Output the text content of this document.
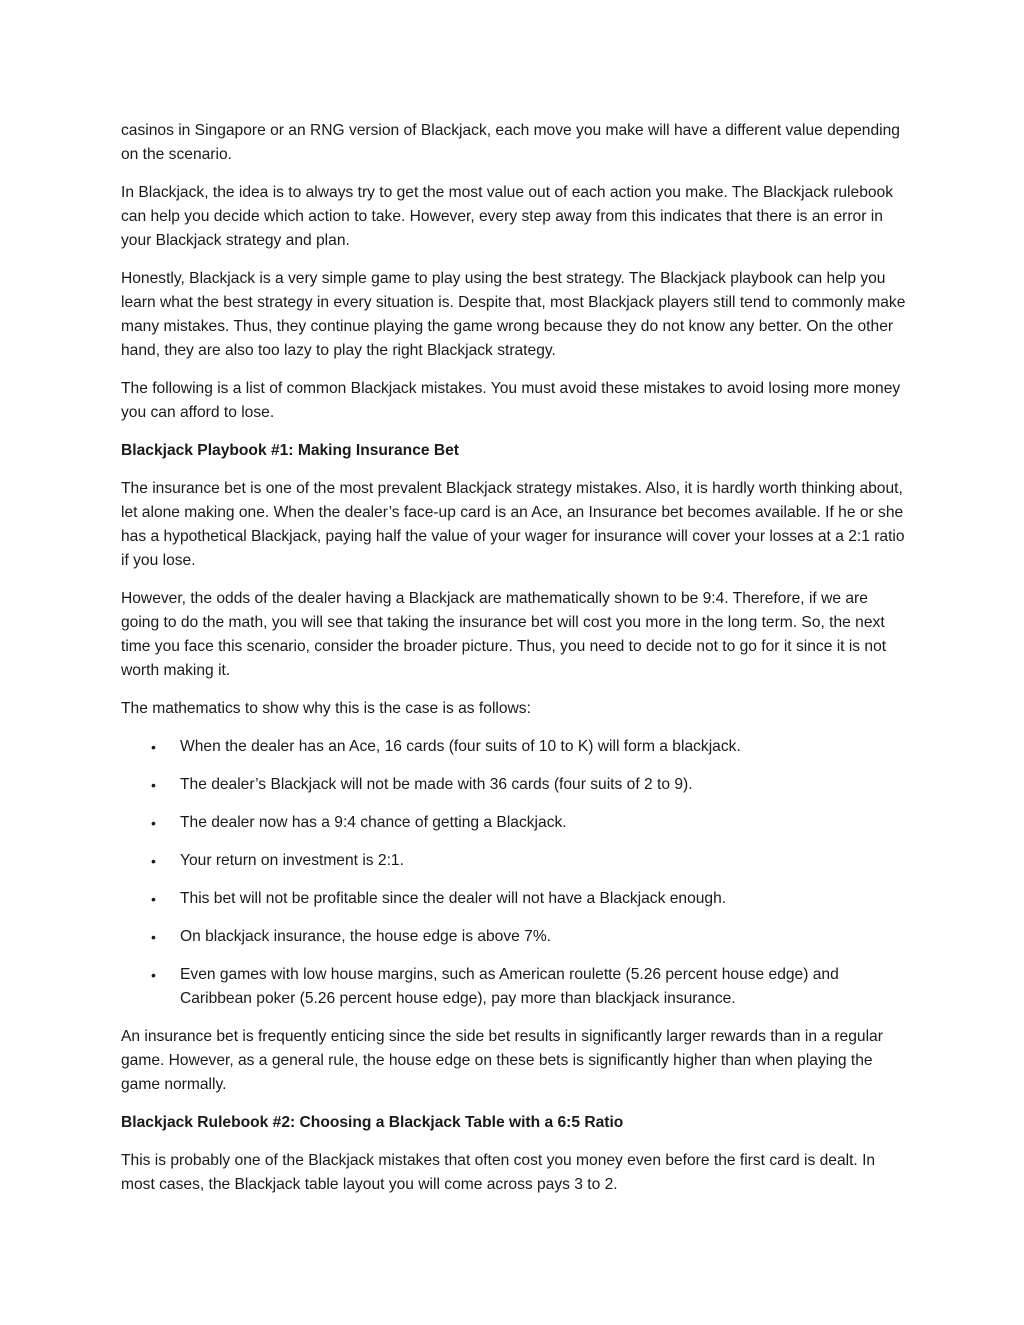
casinos in Singapore or an RNG version of Blackjack, each move you make will have a different value depending on the scenario.

In Blackjack, the idea is to always try to get the most value out of each action you make. The Blackjack rulebook can help you decide which action to take. However, every step away from this indicates that there is an error in your Blackjack strategy and plan.

Honestly, Blackjack is a very simple game to play using the best strategy. The Blackjack playbook can help you learn what the best strategy in every situation is. Despite that, most Blackjack players still tend to commonly make many mistakes. Thus, they continue playing the game wrong because they do not know any better. On the other hand, they are also too lazy to play the right Blackjack strategy.

The following is a list of common Blackjack mistakes. You must avoid these mistakes to avoid losing more money you can afford to lose.

Blackjack Playbook #1: Making Insurance Bet

The insurance bet is one of the most prevalent Blackjack strategy mistakes. Also, it is hardly worth thinking about, let alone making one. When the dealer’s face-up card is an Ace, an Insurance bet becomes available. If he or she has a hypothetical Blackjack, paying half the value of your wager for insurance will cover your losses at a 2:1 ratio if you lose.

However, the odds of the dealer having a Blackjack are mathematically shown to be 9:4. Therefore, if we are going to do the math, you will see that taking the insurance bet will cost you more in the long term. So, the next time you face this scenario, consider the broader picture. Thus, you need to decide not to go for it since it is not worth making it.

The mathematics to show why this is the case is as follows:

• When the dealer has an Ace, 16 cards (four suits of 10 to K) will form a blackjack.
• The dealer’s Blackjack will not be made with 36 cards (four suits of 2 to 9).
• The dealer now has a 9:4 chance of getting a Blackjack.
• Your return on investment is 2:1.
• This bet will not be profitable since the dealer will not have a Blackjack enough.
• On blackjack insurance, the house edge is above 7%.
• Even games with low house margins, such as American roulette (5.26 percent house edge) and Caribbean poker (5.26 percent house edge), pay more than blackjack insurance.

An insurance bet is frequently enticing since the side bet results in significantly larger rewards than in a regular game. However, as a general rule, the house edge on these bets is significantly higher than when playing the game normally.

Blackjack Rulebook #2: Choosing a Blackjack Table with a 6:5 Ratio

This is probably one of the Blackjack mistakes that often cost you money even before the first card is dealt. In most cases, the Blackjack table layout you will come across pays 3 to 2.
